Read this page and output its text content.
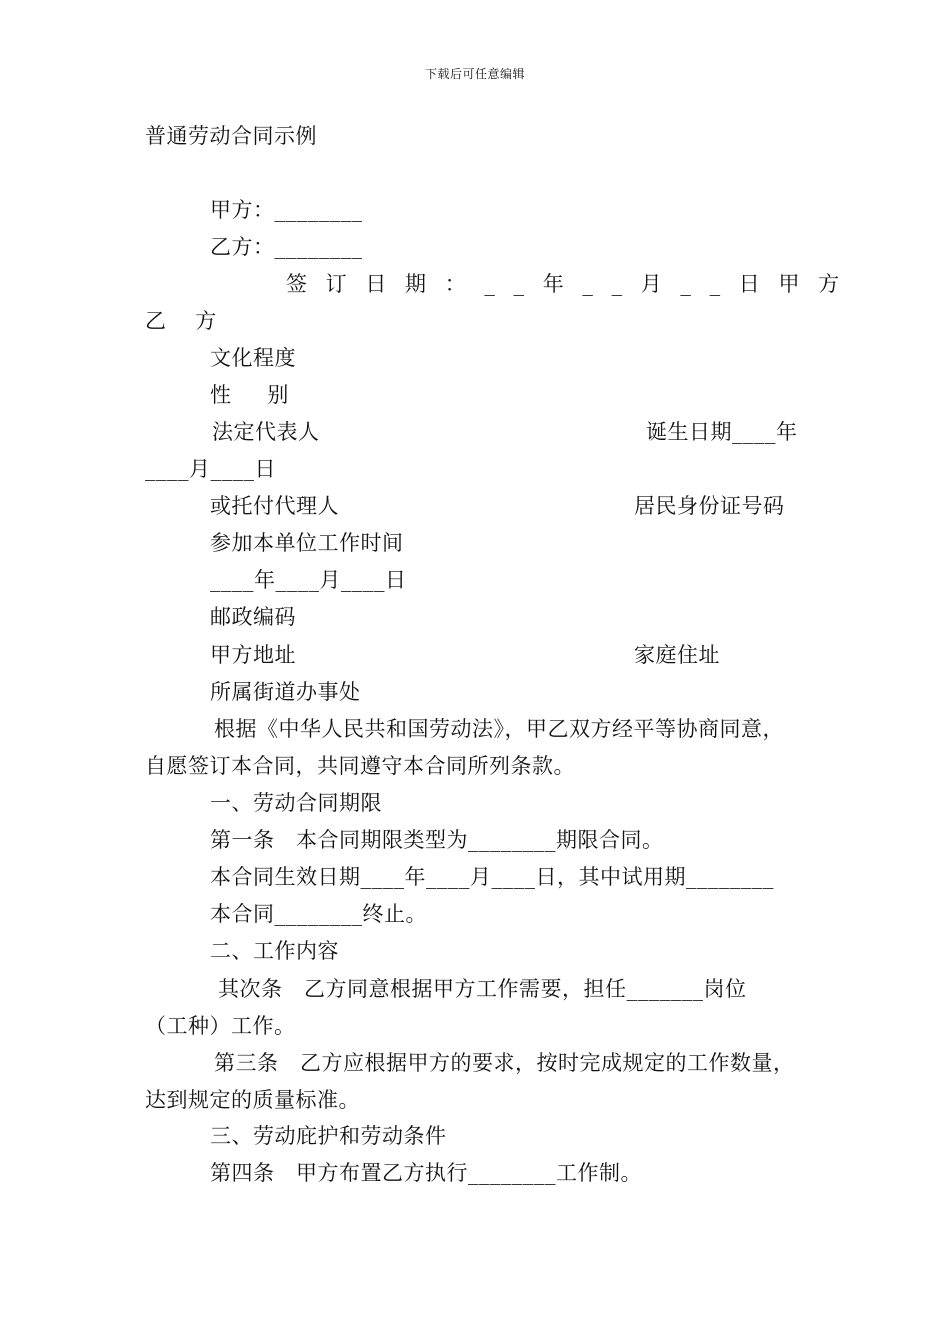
下载后可任意编辑
普通劳动合同示例
甲方：________
乙方：________
签 订 日 期 ： _ _ 年 _ _ 月 _ _ 日 甲 方
乙    方
文化程度
性     别
法定代表人	诞生日期____年
____月____日
或托付代理人	居民身份证号码
参加本单位工作时间
____年____月____日
邮政编码
甲方地址	家庭住址
所属街道办事处
根据《中华人民共和国劳动法》，甲乙双方经平等协商同意，
自愿签订本合同，共同遵守本合同所列条款。
一、劳动合同期限
第一条   本合同期限类型为________期限合同。
本合同生效日期____年____月____日，其中试用期________
本合同________终止。
二、工作内容
其次条   乙方同意根据甲方工作需要，担任_______岗位
（工种）工作。
第三条   乙方应根据甲方的要求，按时完成规定的工作数量，
达到规定的质量标准。
三、劳动庇护和劳动条件
第四条   甲方布置乙方执行________工作制。
